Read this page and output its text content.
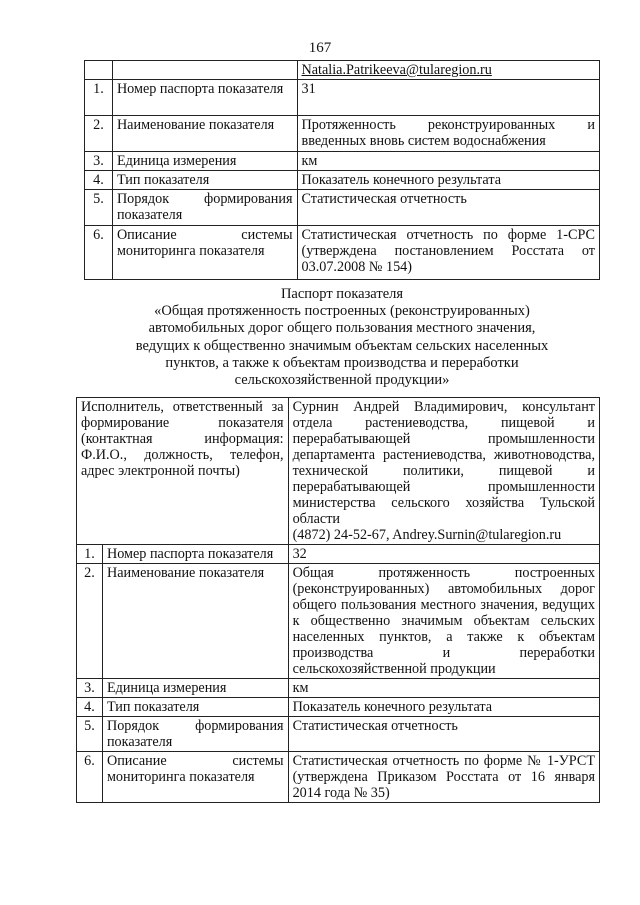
167
		Natalia.Patrikeeva@tularegion.ru
1.	Номер паспорта показателя	31
2.	Наименование показателя	Протяженность реконструированных и введенных вновь систем водоснабжения
3.	Единица измерения	км
4.	Тип показателя	Показатель конечного результата
5.	Порядок формирования показателя	Статистическая отчетность
6.	Описание системы мониторинга показателя	Статистическая отчетность по форме 1-СРС (утверждена постановлением Росстата от 03.07.2008 № 154)
Паспорт показателя
«Общая протяженность построенных (реконструированных)
автомобильных дорог общего пользования местного значения,
ведущих к общественно значимым объектам сельских населенных
пунктов, а также к объектам производства и переработки
сельскохозяйственной продукции»
Исполнитель, ответственный за формирование показателя (контактная информация: Ф.И.О., должность, телефон, адрес электронной почты)		Сурнин Андрей Владимирович, консультант отдела растениеводства, пищевой и перерабатывающей промышленности департамента растениеводства, животноводства, технической политики, пищевой и перерабатывающей промышленности министерства сельского хозяйства Тульской области
(4872) 24-52-67, Andrey.Surnin@tularegion.ru

1.	Номер паспорта показателя	32
2.	Наименование показателя	Общая протяженность построенных (реконструированных) автомобильных дорог общего пользования местного значения, ведущих к общественно значимым объектам сельских населенных пунктов, а также к объектам производства и переработки сельскохозяйственной продукции
3.	Единица измерения	км
4.	Тип показателя	Показатель конечного результата
5.	Порядок формирования показателя	Статистическая отчетность
6.	Описание системы мониторинга показателя	Статистическая отчетность по форме № 1-УРСТ (утверждена Приказом Росстата от 16 января 2014 года № 35)
